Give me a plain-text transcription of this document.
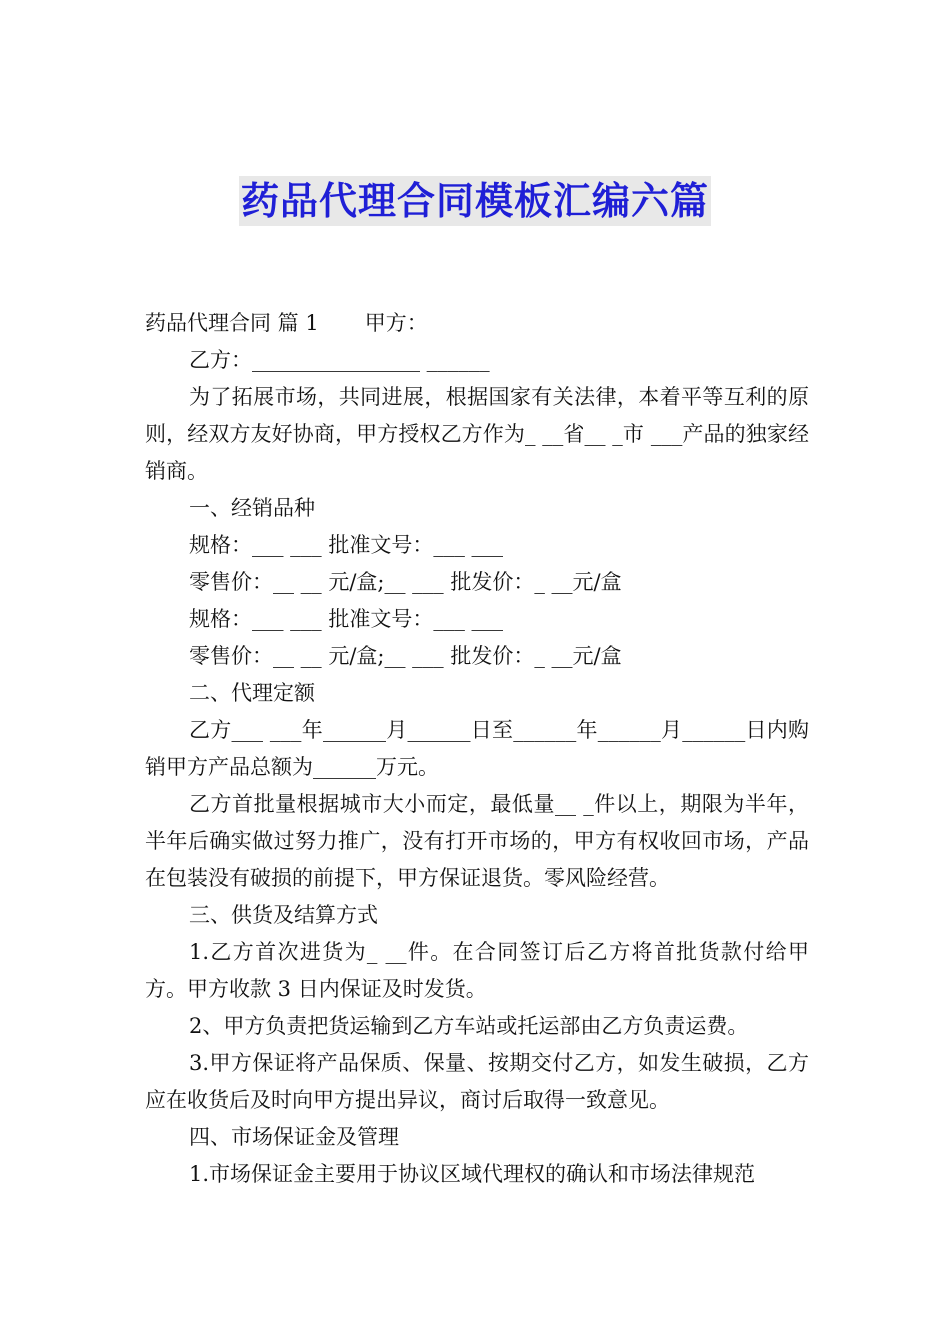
药品代理合同模板汇编六篇

药品代理合同 篇 1 甲方：

乙方：________________ ______

为了拓展市场，共同进展，根据国家有关法律，本着平等互利的原则，经双方友好协商，甲方授权乙方作为_ __省__ _市 ___产品的独家经销商。

一、经销品种

规格：___ ___ 批准文号：___ ___

零售价：__ __ 元/盒;__ ___ 批发价：_ __元/盒

规格：___ ___ 批准文号：___ ___

零售价：__ __ 元/盒;__ ___ 批发价：_ __元/盒

二、代理定额

乙方___ ___年______月______日至______年______月______日内购销甲方产品总额为______万元。

乙方首批量根据城市大小而定，最低量__ _件以上，期限为半年，半年后确实做过努力推广，没有打开市场的，甲方有权收回市场，产品在包装没有破损的前提下，甲方保证退货。零风险经营。

三、供货及结算方式

1.乙方首次进货为_ __件。在合同签订后乙方将首批货款付给甲方。甲方收款 3 日内保证及时发货。

2、甲方负责把货运输到乙方车站或托运部由乙方负责运费。

3.甲方保证将产品保质、保量、按期交付乙方，如发生破损，乙方应在收货后及时向甲方提出异议，商讨后取得一致意见。

四、市场保证金及管理

1.市场保证金主要用于协议区域代理权的确认和市场法律规范
